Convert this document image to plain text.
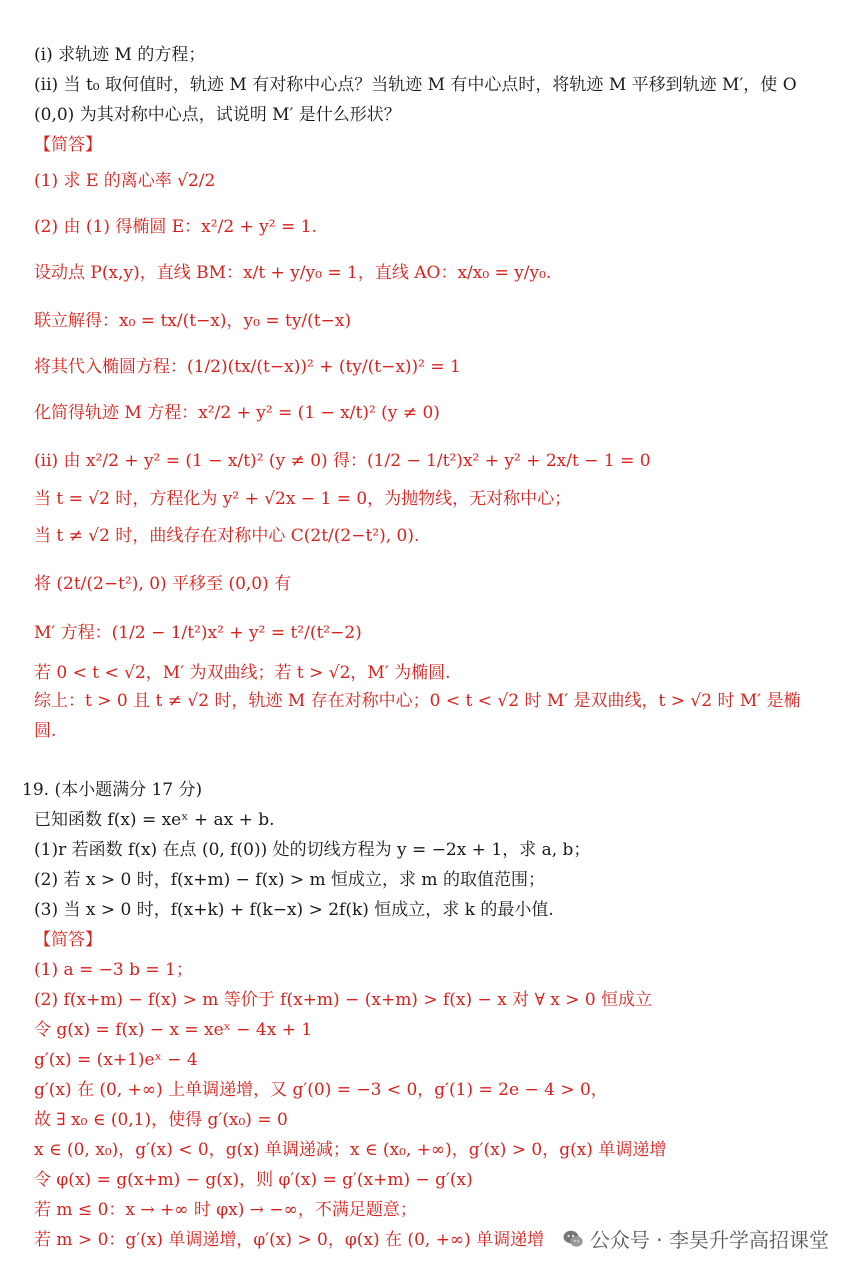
(i) 求轨迹 M 的方程；
(ii) 当 t₀ 取何值时，轨迹 M 有对称中心点？当轨迹 M 有中心点时，将轨迹 M 平移到轨迹 M′，使 O
(0,0) 为其对称中心点，试说明 M′ 是什么形状？
【简答】
(1) 求 E 的离心率 √2/2
(2) 由 (1) 得椭圆 E：x²/2 + y² = 1.
设动点 P(x,y)，直线 BM：x/t + y/y₀ = 1，直线 AO：x/x₀ = y/y₀.
联立解得：x₀ = tx/(t−x)，y₀ = ty/(t−x)
将其代入椭圆方程：(1/2)(tx/(t−x))² + (ty/(t−x))² = 1
化简得轨迹 M 方程：x²/2 + y² = (1 − x/t)² (y ≠ 0)
(ii) 由 x²/2 + y² = (1 − x/t)² (y ≠ 0) 得：(1/2 − 1/t²)x² + y² + 2x/t − 1 = 0
当 t = √2 时，方程化为 y² + √2x − 1 = 0，为抛物线，无对称中心；
当 t ≠ √2 时，曲线存在对称中心 C(2t/(2−t²), 0).
将 (2t/(2−t²), 0) 平移至 (0,0) 有
M′ 方程：(1/2 − 1/t²)x² + y² = t²/(t²−2)
若 0 < t < √2，M′ 为双曲线；若 t > √2，M′ 为椭圆.
综上：t > 0 且 t ≠ √2 时，轨迹 M 存在对称中心；0 < t < √2 时 M′ 是双曲线，t > √2 时 M′ 是椭
圆.
19. (本小题满分 17 分)
已知函数 f(x) = xeˣ + ax + b.
(1)r 若函数 f(x) 在点 (0, f(0)) 处的切线方程为 y = −2x + 1，求 a, b；
(2) 若 x > 0 时，f(x+m) − f(x) > m 恒成立，求 m 的取值范围；
(3) 当 x > 0 时，f(x+k) + f(k−x) > 2f(k) 恒成立，求 k 的最小值.
【简答】
(1) a = −3 b = 1；
(2) f(x+m) − f(x) > m 等价于 f(x+m) − (x+m) > f(x) − x 对 ∀ x > 0 恒成立
令 g(x) = f(x) − x = xeˣ − 4x + 1
g′(x) = (x+1)eˣ − 4
g′(x) 在 (0, +∞) 上单调递增，又 g′(0) = −3 < 0，g′(1) = 2e − 4 > 0，
故 ∃ x₀ ∈ (0,1)，使得 g′(x₀) = 0
x ∈ (0, x₀)，g′(x) < 0，g(x) 单调递减；x ∈ (x₀, +∞)，g′(x) > 0，g(x) 单调递增
令 φ(x) = g(x+m) − g(x)，则 φ′(x) = g′(x+m) − g′(x)
若 m ≤ 0：x → +∞ 时 φx) → −∞，不满足题意；
若 m > 0：g′(x) 单调递增，φ′(x) > 0，φ(x) 在 (0, +∞) 单调递增 公众号 · 李昊升学高招课堂
